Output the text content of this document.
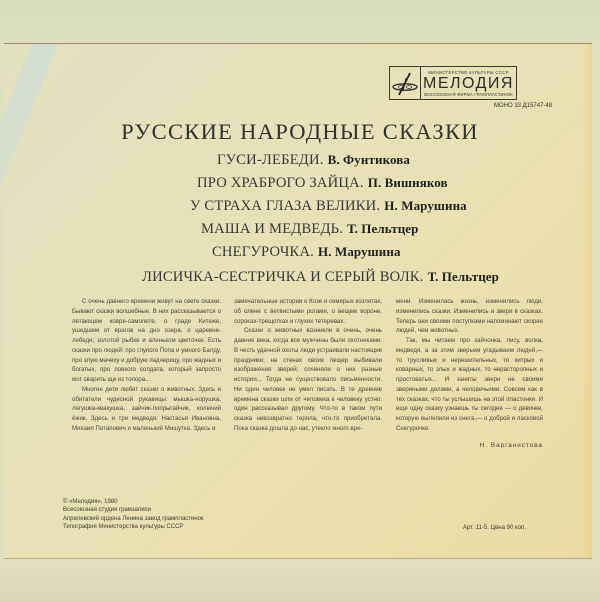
МИНИСТЕРСТВО КУЛЬТУРЫ СССР
МЕЛОДИЯ
ВСЕСОЮЗНАЯ ФИРМА ГРАМПЛАСТИНОК
МОНО 33 Д15747-48
РУССКИЕ НАРОДНЫЕ СКАЗКИ
ГУСИ-ЛЕБЕДИ. В. Фунтикова
ПРО ХРАБРОГО ЗАЙЦА. П. Вишняков
У СТРАХА ГЛАЗА ВЕЛИКИ. Н. Марушина
МАША И МЕДВЕДЬ. Т. Пельтцер
СНЕГУРОЧКА. Н. Марушина
ЛИСИЧКА-СЕСТРИЧКА И СЕРЫЙ ВОЛК. Т. Пельтцер

С очень давнего времени живут на свете сказки. Бывают сказки волшебные. В них рассказывается о летающем ковре-самолете, о граде Китеже, ушедшем от врагов на дно озера, о царевне-лебеди, золотой рыбке и аленьком цветочке. Есть сказки про людей: про глупого Попа и умного Балду, про злую мачеху и добрую падчерицу, про жадных и богатых, про ловкого солдата, который запросто мог сварить щи из топора...

Многие дети любят сказки о животных. Здесь и обитатели чудесной рукавицы: мышка-норушка, лягушка-квакушка, зайчик-попрыгайчик, колючий ёжик. Здесь и три медведя: Настасья Ивановна, Михаил Потапович и маленький Мишутка. Здесь и

замечательные истории о Козе и семерых козлятах, об олене с ветвистыми рогами, о вещем вороне, сороках-трещотках и глухих тетеревах.

Сказки о животных возникли в очень, очень давние века, когда все мужчины были охотниками. В честь удачной охоты люди устраивали настоящие праздники; на стенах своих пещер выбивали изображения зверей; сочиняли о них разные истории... Тогда не существовало письменности. Ни один человек не умел писать. В те древние времена сказки шли от человека к человеку устно: один рассказывал другому. Что-то в таком пути сказка невозвратно теряла, что-то приобретала. Пока сказка дошла до нас, утекло много вре-

мени. Изменилась жизнь, изменились люди, изменились сказки. Изменились и звери в сказках. Теперь они своими поступками напоминают скорее людей, чем животных.

Так, мы читаем про зайчонка, лису, волка, медведя, а за этим зверьем угадываем людей,— то трусливых и нерешительных, то хитрых и коварных, то злых и жадных, то нерасторопных и простоватых... И заняты звери не своими звериными делами, а человечьими. Совсем как в тех сказках, что ты услышишь на этой пластинке. И еще одну сказку узнаешь ты сегодня — о девочке, которую вылепили из снега,— о доброй и ласковой Снегурочке.

Н. Варганистова
© «Мелодия», 1980
Всесоюзная студия грамзаписи
Апрелевский ордена Ленина завод грампластинок
Типография Министерства культуры СССР	Арт. 11-5. Цена 90 коп.
